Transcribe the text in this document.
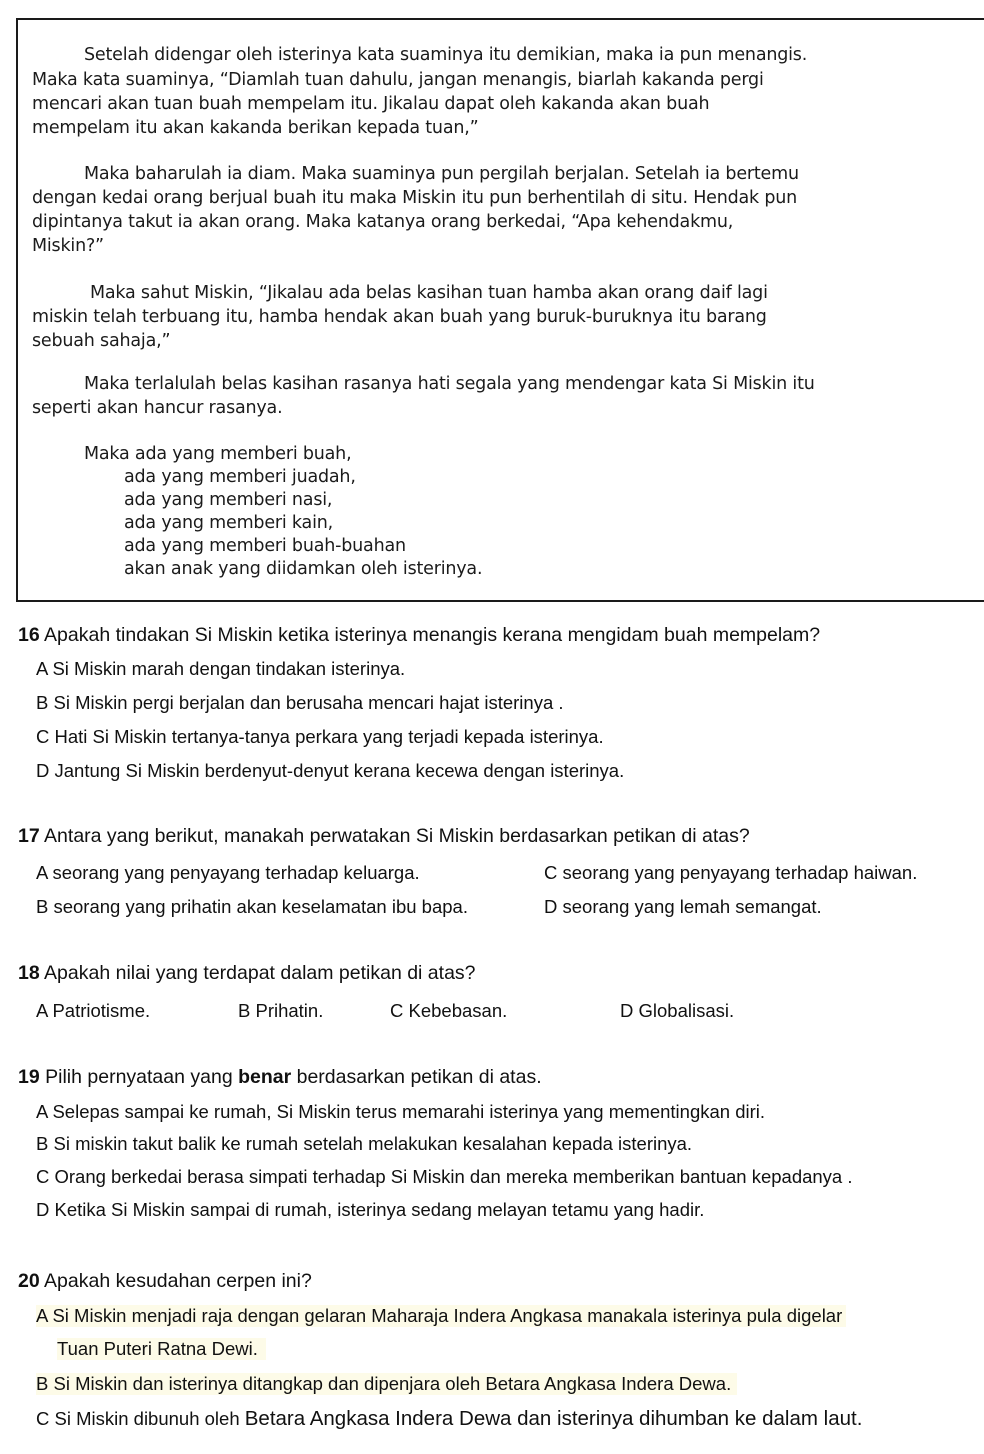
Setelah didengar oleh isterinya kata suaminya itu demikian, maka ia pun menangis.
Maka kata suaminya, “Diamlah tuan dahulu, jangan menangis, biarlah kakanda pergi
mencari akan tuan buah mempelam itu. Jikalau dapat oleh kakanda akan buah
mempelam itu akan kakanda berikan kepada tuan,”
Maka baharulah ia diam. Maka suaminya pun pergilah berjalan. Setelah ia bertemu
dengan kedai orang berjual buah itu maka Miskin itu pun berhentilah di situ. Hendak pun
dipintanya takut ia akan orang. Maka katanya orang berkedai, “Apa kehendakmu,
Miskin?”
Maka sahut Miskin, “Jikalau ada belas kasihan tuan hamba akan orang daif lagi
miskin telah terbuang itu, hamba hendak akan buah yang buruk-buruknya itu barang
sebuah sahaja,”
Maka terlalulah belas kasihan rasanya hati segala yang mendengar kata Si Miskin itu
seperti akan hancur rasanya.
Maka ada yang memberi buah,
ada yang memberi juadah,
ada yang memberi nasi,
ada yang memberi kain,
ada yang memberi buah-buahan
akan anak yang diidamkan oleh isterinya.
16 Apakah tindakan Si Miskin ketika isterinya menangis kerana mengidam buah mempelam?
A Si Miskin marah dengan tindakan isterinya.
B Si Miskin pergi berjalan dan berusaha mencari hajat isterinya .
C Hati Si Miskin tertanya-tanya perkara yang terjadi kepada isterinya.
D Jantung Si Miskin berdenyut-denyut kerana kecewa dengan isterinya.
17 Antara yang berikut, manakah perwatakan Si Miskin berdasarkan petikan di atas?
A seorang yang penyayang terhadap keluarga.	C seorang yang penyayang terhadap haiwan.
B seorang yang prihatin akan keselamatan ibu bapa.	D seorang yang lemah semangat.
18 Apakah nilai yang terdapat dalam petikan di atas?
A Patriotisme.	B Prihatin.	C Kebebasan.	D Globalisasi.
19 Pilih pernyataan yang benar berdasarkan petikan di atas.
A Selepas sampai ke rumah, Si Miskin terus memarahi isterinya yang mementingkan diri.
B Si miskin takut balik ke rumah setelah melakukan kesalahan kepada isterinya.
C Orang berkedai berasa simpati terhadap Si Miskin dan mereka memberikan bantuan kepadanya .
D Ketika Si Miskin sampai di rumah, isterinya sedang melayan tetamu yang hadir.
20 Apakah kesudahan cerpen ini?
A Si Miskin menjadi raja dengan gelaran Maharaja Indera Angkasa manakala isterinya pula digelar
Tuan Puteri Ratna Dewi.
B Si Miskin dan isterinya ditangkap dan dipenjara oleh Betara Angkasa Indera Dewa.
C Si Miskin dibunuh oleh Betara Angkasa Indera Dewa dan isterinya dihumban ke dalam laut.
